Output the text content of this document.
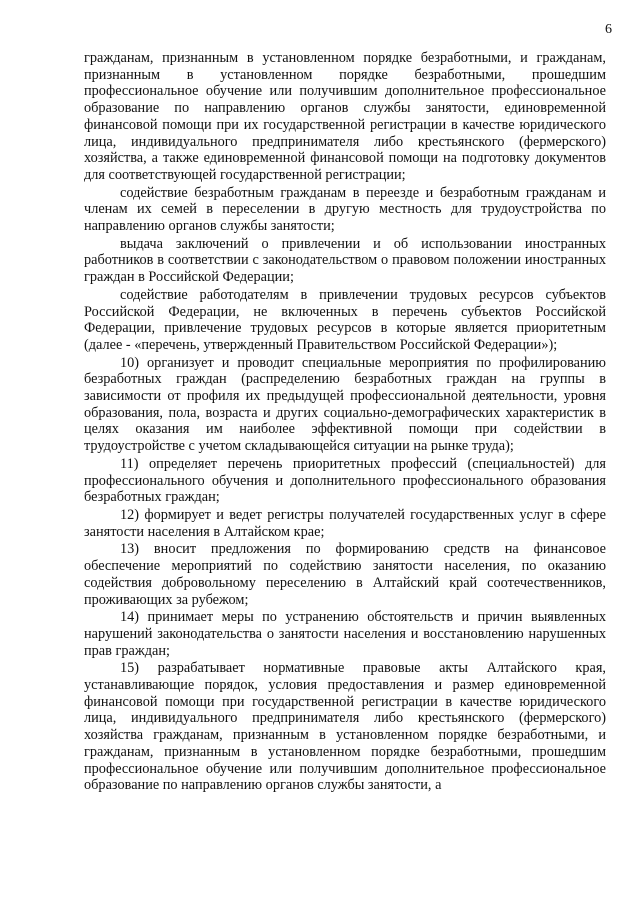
6

гражданам, признанным в установленном порядке безработными, и гражданам, признанным в установленном порядке безработными, прошедшим профессиональное обучение или получившим дополнительное профессиональное образование по направлению органов службы занятости, единовременной финансовой помощи при их государственной регистрации в качестве юридического лица, индивидуального предпринимателя либо крестьянского (фермерского) хозяйства, а также единовременной финансовой помощи на подготовку документов для соответствующей государственной регистрации;

содействие безработным гражданам в переезде и безработным гражданам и членам их семей в переселении в другую местность для трудоустройства по направлению органов службы занятости;

выдача заключений о привлечении и об использовании иностранных работников в соответствии с законодательством о правовом положении иностранных граждан в Российской Федерации;

содействие работодателям в привлечении трудовых ресурсов субъектов Российской Федерации, не включенных в перечень субъектов Российской Федерации, привлечение трудовых ресурсов в которые является приоритетным (далее - «перечень, утвержденный Правительством Российской Федерации»);

10) организует и проводит специальные мероприятия по профилированию безработных граждан (распределению безработных граждан на группы в зависимости от профиля их предыдущей профессиональной деятельности, уровня образования, пола, возраста и других социально-демографических характеристик в целях оказания им наиболее эффективной помощи при содействии в трудоустройстве с учетом складывающейся ситуации на рынке труда);

11) определяет перечень приоритетных профессий (специальностей) для профессионального обучения и дополнительного профессионального образования безработных граждан;

12) формирует и ведет регистры получателей государственных услуг в сфере занятости населения в Алтайском крае;

13) вносит предложения по формированию средств на финансовое обеспечение мероприятий по содействию занятости населения, по оказанию содействия добровольному переселению в Алтайский край соотечественников, проживающих за рубежом;

14) принимает меры по устранению обстоятельств и причин выявленных нарушений законодательства о занятости населения и восстановлению нарушенных прав граждан;

15) разрабатывает нормативные правовые акты Алтайского края, устанавливающие порядок, условия предоставления и размер единовременной финансовой помощи при государственной регистрации в качестве юридического лица, индивидуального предпринимателя либо крестьянского (фермерского) хозяйства гражданам, признанным в установленном порядке безработными, и гражданам, признанным в установленном порядке безработными, прошедшим профессиональное обучение или получившим дополнительное профессиональное образование по направлению органов службы занятости, а
